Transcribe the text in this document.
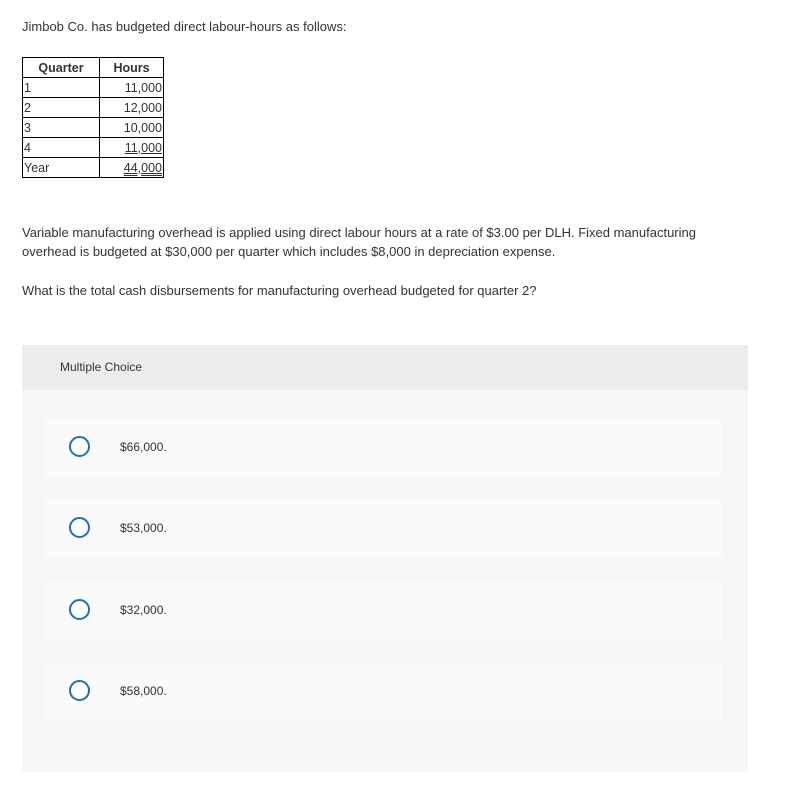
Jimbob Co. has budgeted direct labour-hours as follows:
Quarter	Hours
1	11,000
2	12,000
3	10,000
4	11,000
Year	44,000
Variable manufacturing overhead is applied using direct labour hours at a rate of $3.00 per DLH. Fixed manufacturing overhead is budgeted at $30,000 per quarter which includes $8,000 in depreciation expense.
What is the total cash disbursements for manufacturing overhead budgeted for quarter 2?
Multiple Choice
$66,000.
$53,000.
$32,000.
$58,000.
